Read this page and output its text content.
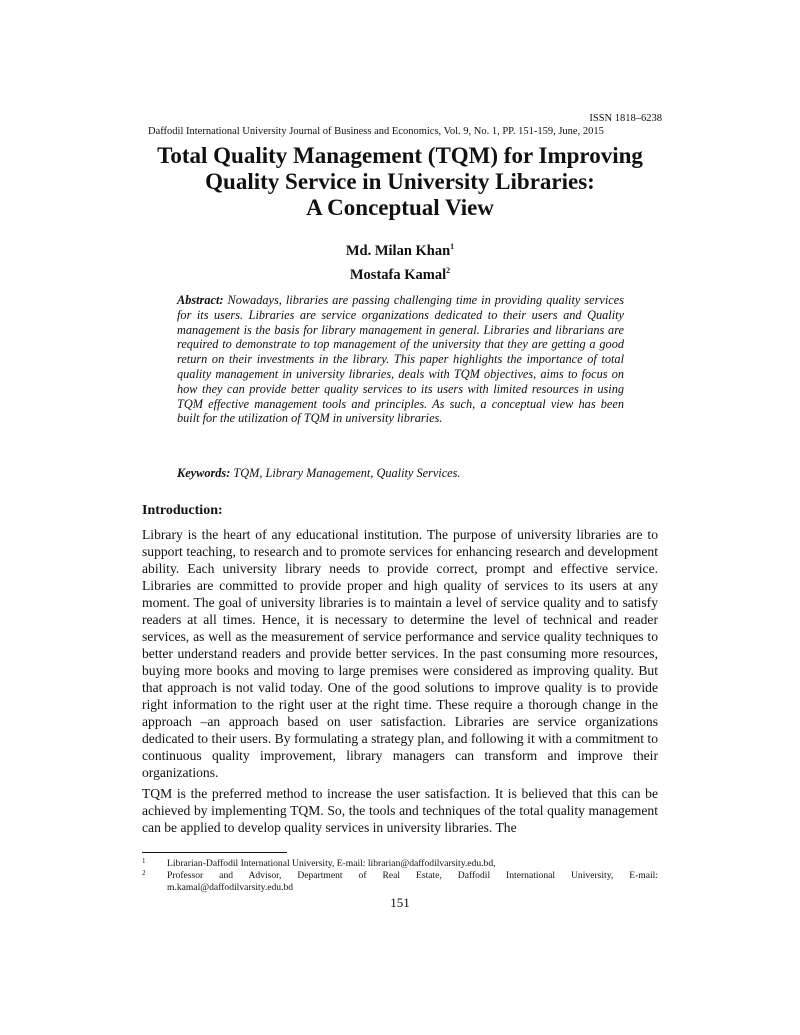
ISSN 1818–6238
Daffodil International University Journal of Business and Economics, Vol. 9, No. 1, PP. 151-159, June, 2015
Total Quality Management (TQM) for Improving
Quality Service in University Libraries:
A Conceptual View
Md. Milan Khan$^1$
Mostafa Kamal$^2$
Abstract: Nowadays, libraries are passing challenging time in providing quality services for its users. Libraries are service organizations dedicated to their users and Quality management is the basis for library management in general. Libraries and librarians are required to demonstrate to top management of the university that they are getting a good return on their investments in the library. This paper highlights the importance of total quality management in university libraries, deals with TQM objectives, aims to focus on how they can provide better quality services to its users with limited resources in using TQM effective management tools and principles. As such, a conceptual view has been built for the utilization of TQM in university libraries.
Keywords: TQM, Library Management, Quality Services.
Introduction:

Library is the heart of any educational institution. The purpose of university libraries are to support teaching, to research and to promote services for enhancing research and development ability. Each university library needs to provide correct, prompt and effective service. Libraries are committed to provide proper and high quality of services to its users at any moment. The goal of university libraries is to maintain a level of service quality and to satisfy readers at all times. Hence, it is necessary to determine the level of technical and reader services, as well as the measurement of service performance and service quality techniques to better understand readers and provide better services. In the past consuming more resources, buying more books and moving to large premises were considered as improving quality. But that approach is not valid today. One of the good solutions to improve quality is to provide right information to the right user at the right time. These require a thorough change in the approach –an approach based on user satisfaction. Libraries are service organizations dedicated to their users. By formulating a strategy plan, and following it with a commitment to continuous quality improvement, library managers can transform and improve their organizations.

TQM is the preferred method to increase the user satisfaction. It is believed that this can be achieved by implementing TQM. So, the tools and techniques of the total quality management can be applied to develop quality services in university libraries. The

1 Librarian-Daffodil International University, E-mail: librarian@daffodilvarsity.edu.bd,
2 Professor and Advisor, Department of Real Estate, Daffodil International University, E-mail:
m.kamal@daffodilvarsity.edu.bd
151
